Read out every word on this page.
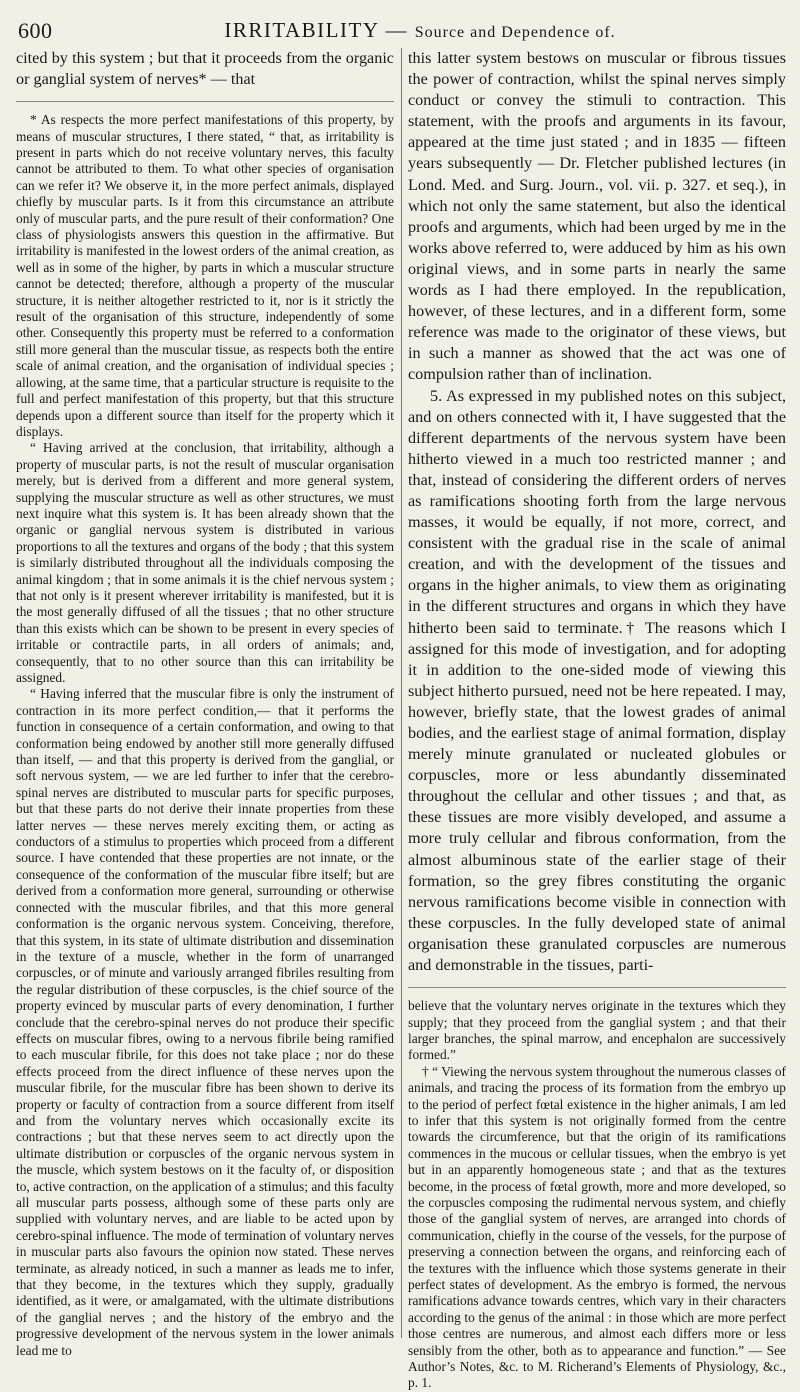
600	IRRITABILITY — Source and Dependence of.

cited by this system ; but that it proceeds from the organic or ganglial system of nerves* — that

* As respects the more perfect manifestations of this property, by means of muscular structures, I there stated, “ that, as irritability is present in parts which do not receive voluntary nerves, this faculty cannot be attributed to them. To what other species of organisation can we refer it? We observe it, in the more perfect animals, displayed chiefly by muscular parts. Is it from this circumstance an attribute only of muscular parts, and the pure result of their conformation? One class of physiologists answers this question in the affirmative. But irritability is manifested in the lowest orders of the animal creation, as well as in some of the higher, by parts in which a muscular structure cannot be detected; therefore, although a property of the muscular structure, it is neither altogether restricted to it, nor is it strictly the result of the organisation of this structure, independently of some other. Consequently this property must be referred to a conformation still more general than the muscular tissue, as respects both the entire scale of animal creation, and the organisation of individual species ; allowing, at the same time, that a particular structure is requisite to the full and perfect manifestation of this property, but that this structure depends upon a different source than itself for the property which it displays.

“ Having arrived at the conclusion, that irritability, although a property of muscular parts, is not the result of muscular organisation merely, but is derived from a different and more general system, supplying the muscular structure as well as other structures, we must next inquire what this system is. It has been already shown that the organic or ganglial nervous system is distributed in various proportions to all the textures and organs of the body ; that this system is similarly distributed throughout all the individuals composing the animal kingdom ; that in some animals it is the chief nervous system ; that not only is it present wherever irritability is manifested, but it is the most generally diffused of all the tissues ; that no other structure than this exists which can be shown to be present in every species of irritable or contractile parts, in all orders of animals; and, consequently, that to no other source than this can irritability be assigned.

“ Having inferred that the muscular fibre is only the instrument of contraction in its more perfect condition,— that it performs the function in consequence of a certain conformation, and owing to that conformation being endowed by another still more generally diffused than itself, — and that this property is derived from the ganglial, or soft nervous system, — we are led further to infer that the cerebro-spinal nerves are distributed to muscular parts for specific purposes, but that these parts do not derive their innate properties from these latter nerves — these nerves merely exciting them, or acting as conductors of a stimulus to properties which proceed from a different source. I have contended that these properties are not innate, or the consequence of the conformation of the muscular fibre itself; but are derived from a conformation more general, surrounding or otherwise connected with the muscular fibriles, and that this more general conformation is the organic nervous system. Conceiving, therefore, that this system, in its state of ultimate distribution and dissemination in the texture of a muscle, whether in the form of unarranged corpuscles, or of minute and variously arranged fibriles resulting from the regular distribution of these corpuscles, is the chief source of the property evinced by muscular parts of every denomination, I further conclude that the cerebro-spinal nerves do not produce their specific effects on muscular fibres, owing to a nervous fibrile being ramified to each muscular fibrile, for this does not take place ; nor do these effects proceed from the direct influence of these nerves upon the muscular fibrile, for the muscular fibre has been shown to derive its property or faculty of contraction from a source different from itself and from the voluntary nerves which occasionally excite its contractions ; but that these nerves seem to act directly upon the ultimate distribution or corpuscles of the organic nervous system in the muscle, which system bestows on it the faculty of, or disposition to, active contraction, on the application of a stimulus; and this faculty all muscular parts possess, although some of these parts only are supplied with voluntary nerves, and are liable to be acted upon by cerebro-spinal influence. The mode of termination of voluntary nerves in muscular parts also favours the opinion now stated. These nerves terminate, as already noticed, in such a manner as leads me to infer, that they become, in the textures which they supply, gradually identified, as it were, or amalgamated, with the ultimate distributions of the ganglial nerves ; and the history of the embryo and the progressive development of the nervous system in the lower animals lead me to

this latter system bestows on muscular or fibrous tissues the power of contraction, whilst the spinal nerves simply conduct or convey the stimuli to contraction. This statement, with the proofs and arguments in its favour, appeared at the time just stated ; and in 1835 — fifteen years subsequently — Dr. Fletcher published lectures (in Lond. Med. and Surg. Journ., vol. vii. p. 327. et seq.), in which not only the same statement, but also the identical proofs and arguments, which had been urged by me in the works above referred to, were adduced by him as his own original views, and in some parts in nearly the same words as I had there employed. In the republication, however, of these lectures, and in a different form, some reference was made to the originator of these views, but in such a manner as showed that the act was one of compulsion rather than of inclination.

5. As expressed in my published notes on this subject, and on others connected with it, I have suggested that the different departments of the nervous system have been hitherto viewed in a much too restricted manner ; and that, instead of considering the different orders of nerves as ramifications shooting forth from the large nervous masses, it would be equally, if not more, correct, and consistent with the gradual rise in the scale of animal creation, and with the development of the tissues and organs in the higher animals, to view them as originating in the different structures and organs in which they have hitherto been said to terminate.† The reasons which I assigned for this mode of investigation, and for adopting it in addition to the one-sided mode of viewing this subject hitherto pursued, need not be here repeated. I may, however, briefly state, that the lowest grades of animal bodies, and the earliest stage of animal formation, display merely minute granulated or nucleated globules or corpuscles, more or less abundantly disseminated throughout the cellular and other tissues ; and that, as these tissues are more visibly developed, and assume a more truly cellular and fibrous conformation, from the almost albuminous state of the earlier stage of their formation, so the grey fibres constituting the organic nervous ramifications become visible in connection with these corpuscles. In the fully developed state of animal organisation these granulated corpuscles are numerous and demonstrable in the tissues, parti-

believe that the voluntary nerves originate in the textures which they supply; that they proceed from the ganglial system ; and that their larger branches, the spinal marrow, and encephalon are successively formed.”

† “ Viewing the nervous system throughout the numerous classes of animals, and tracing the process of its formation from the embryo up to the period of perfect fœtal existence in the higher animals, I am led to infer that this system is not originally formed from the centre towards the circumference, but that the origin of its ramifications commences in the mucous or cellular tissues, when the embryo is yet but in an apparently homogeneous state ; and that as the textures become, in the process of fœtal growth, more and more developed, so the corpuscles composing the rudimental nervous system, and chiefly those of the ganglial system of nerves, are arranged into chords of communication, chiefly in the course of the vessels, for the purpose of preserving a connection between the organs, and reinforcing each of the textures with the influence which those systems generate in their perfect states of development. As the embryo is formed, the nervous ramifications advance towards centres, which vary in their characters according to the genus of the animal : in those which are more perfect those centres are numerous, and almost each differs more or less sensibly from the other, both as to appearance and function.” — See Author’s Notes, &c. to M. Richerand’s Elements of Physiology, &c., p. 1.
